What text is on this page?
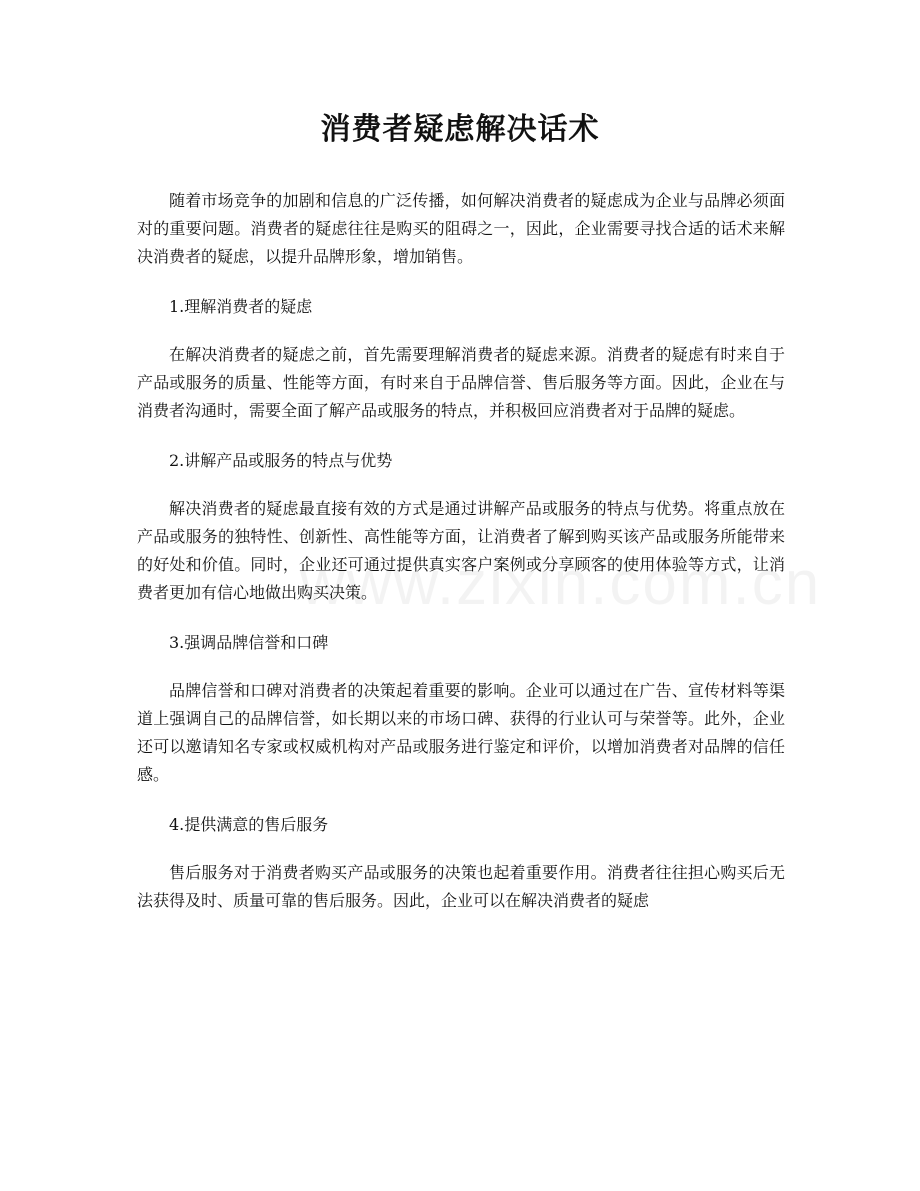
消费者疑虑解决话术

随着市场竞争的加剧和信息的广泛传播，如何解决消费者的疑虑成为企业与品牌必须面对的重要问题。消费者的疑虑往往是购买的阻碍之一，因此，企业需要寻找合适的话术来解决消费者的疑虑，以提升品牌形象，增加销售。

1.理解消费者的疑虑

在解决消费者的疑虑之前，首先需要理解消费者的疑虑来源。消费者的疑虑有时来自于产品或服务的质量、性能等方面，有时来自于品牌信誉、售后服务等方面。因此，企业在与消费者沟通时，需要全面了解产品或服务的特点，并积极回应消费者对于品牌的疑虑。

2.讲解产品或服务的特点与优势

解决消费者的疑虑最直接有效的方式是通过讲解产品或服务的特点与优势。将重点放在产品或服务的独特性、创新性、高性能等方面，让消费者了解到购买该产品或服务所能带来的好处和价值。同时，企业还可通过提供真实客户案例或分享顾客的使用体验等方式，让消费者更加有信心地做出购买决策。

3.强调品牌信誉和口碑

品牌信誉和口碑对消费者的决策起着重要的影响。企业可以通过在广告、宣传材料等渠道上强调自己的品牌信誉，如长期以来的市场口碑、获得的行业认可与荣誉等。此外，企业还可以邀请知名专家或权威机构对产品或服务进行鉴定和评价，以增加消费者对品牌的信任感。

4.提供满意的售后服务

售后服务对于消费者购买产品或服务的决策也起着重要作用。消费者往往担心购买后无法获得及时、质量可靠的售后服务。因此，企业可以在解决消费者的疑虑
